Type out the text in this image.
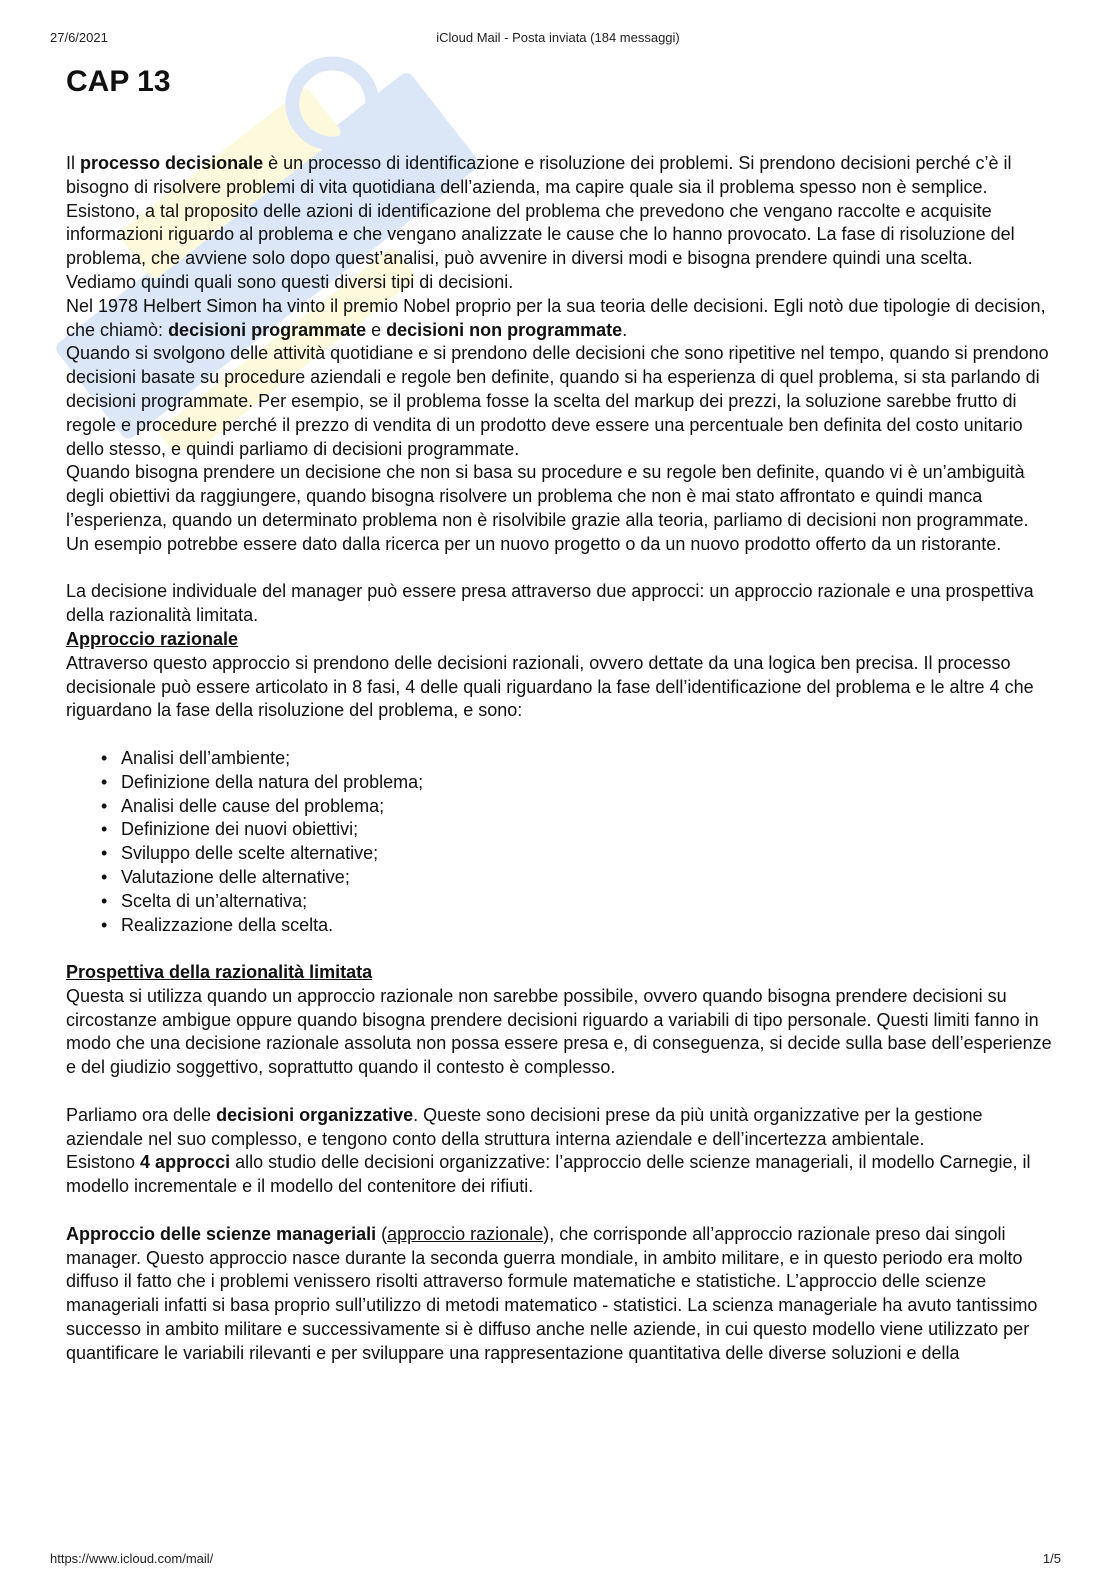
27/6/2021	iCloud Mail - Posta inviata (184 messaggi)
CAP 13

Il processo decisionale è un processo di identificazione e risoluzione dei problemi. Si prendono decisioni perché c’è il bisogno di risolvere problemi di vita quotidiana dell’azienda, ma capire quale sia il problema spesso non è semplice. Esistono, a tal proposito delle azioni di identificazione del problema che prevedono che vengano raccolte e acquisite informazioni riguardo al problema e che vengano analizzate le cause che lo hanno provocato. La fase di risoluzione del problema, che avviene solo dopo quest’analisi, può avvenire in diversi modi e bisogna prendere quindi una scelta.

Vediamo quindi quali sono questi diversi tipi di decisioni.

Nel 1978 Helbert Simon ha vinto il premio Nobel proprio per la sua teoria delle decisioni. Egli notò due tipologie di decision, che chiamò: decisioni programmate e decisioni non programmate.

Quando si svolgono delle attività quotidiane e si prendono delle decisioni che sono ripetitive nel tempo, quando si prendono decisioni basate su procedure aziendali e regole ben definite, quando si ha esperienza di quel problema, si sta parlando di decisioni programmate. Per esempio, se il problema fosse la scelta del markup dei prezzi, la soluzione sarebbe frutto di regole e procedure perché il prezzo di vendita di un prodotto deve essere una percentuale ben definita del costo unitario dello stesso, e quindi parliamo di decisioni programmate.

Quando bisogna prendere un decisione che non si basa su procedure e su regole ben definite, quando vi è un’ambiguità degli obiettivi da raggiungere, quando bisogna risolvere un problema che non è mai stato affrontato e quindi manca l’esperienza, quando un determinato problema non è risolvibile grazie alla teoria, parliamo di decisioni non programmate. Un esempio potrebbe essere dato dalla ricerca per un nuovo progetto o da un nuovo prodotto offerto da un ristorante.

La decisione individuale del manager può essere presa attraverso due approcci: un approccio razionale e una prospettiva della razionalità limitata.

Approccio razionale

Attraverso questo approccio si prendono delle decisioni razionali, ovvero dettate da una logica ben precisa. Il processo decisionale può essere articolato in 8 fasi, 4 delle quali riguardano la fase dell’identificazione del problema e le altre 4 che riguardano la fase della risoluzione del problema, e sono:

• Analisi dell’ambiente;
• Definizione della natura del problema;
• Analisi delle cause del problema;
• Definizione dei nuovi obiettivi;
• Sviluppo delle scelte alternative;
• Valutazione delle alternative;
• Scelta di un’alternativa;
• Realizzazione della scelta.

Prospettiva della razionalità limitata

Questa si utilizza quando un approccio razionale non sarebbe possibile, ovvero quando bisogna prendere decisioni su circostanze ambigue oppure quando bisogna prendere decisioni riguardo a variabili di tipo personale. Questi limiti fanno in modo che una decisione razionale assoluta non possa essere presa e, di conseguenza, si decide sulla base dell’esperienze e del giudizio soggettivo, soprattutto quando il contesto è complesso.

Parliamo ora delle decisioni organizzative. Queste sono decisioni prese da più unità organizzative per la gestione aziendale nel suo complesso, e tengono conto della struttura interna aziendale e dell’incertezza ambientale.

Esistono 4 approcci allo studio delle decisioni organizzative: l’approccio delle scienze manageriali, il modello Carnegie, il modello incrementale e il modello del contenitore dei rifiuti.

Approccio delle scienze manageriali (approccio razionale), che corrisponde all’approccio razionale preso dai singoli manager. Questo approccio nasce durante la seconda guerra mondiale, in ambito militare, e in questo periodo era molto diffuso il fatto che i problemi venissero risolti attraverso formule matematiche e statistiche. L’approccio delle scienze manageriali infatti si basa proprio sull’utilizzo di metodi matematico - statistici. La scienza manageriale ha avuto tantissimo successo in ambito militare e successivamente si è diffuso anche nelle aziende, in cui questo modello viene utilizzato per quantificare le variabili rilevanti e per sviluppare una rappresentazione quantitativa delle diverse soluzioni e della

https://www.icloud.com/mail/	1/5
